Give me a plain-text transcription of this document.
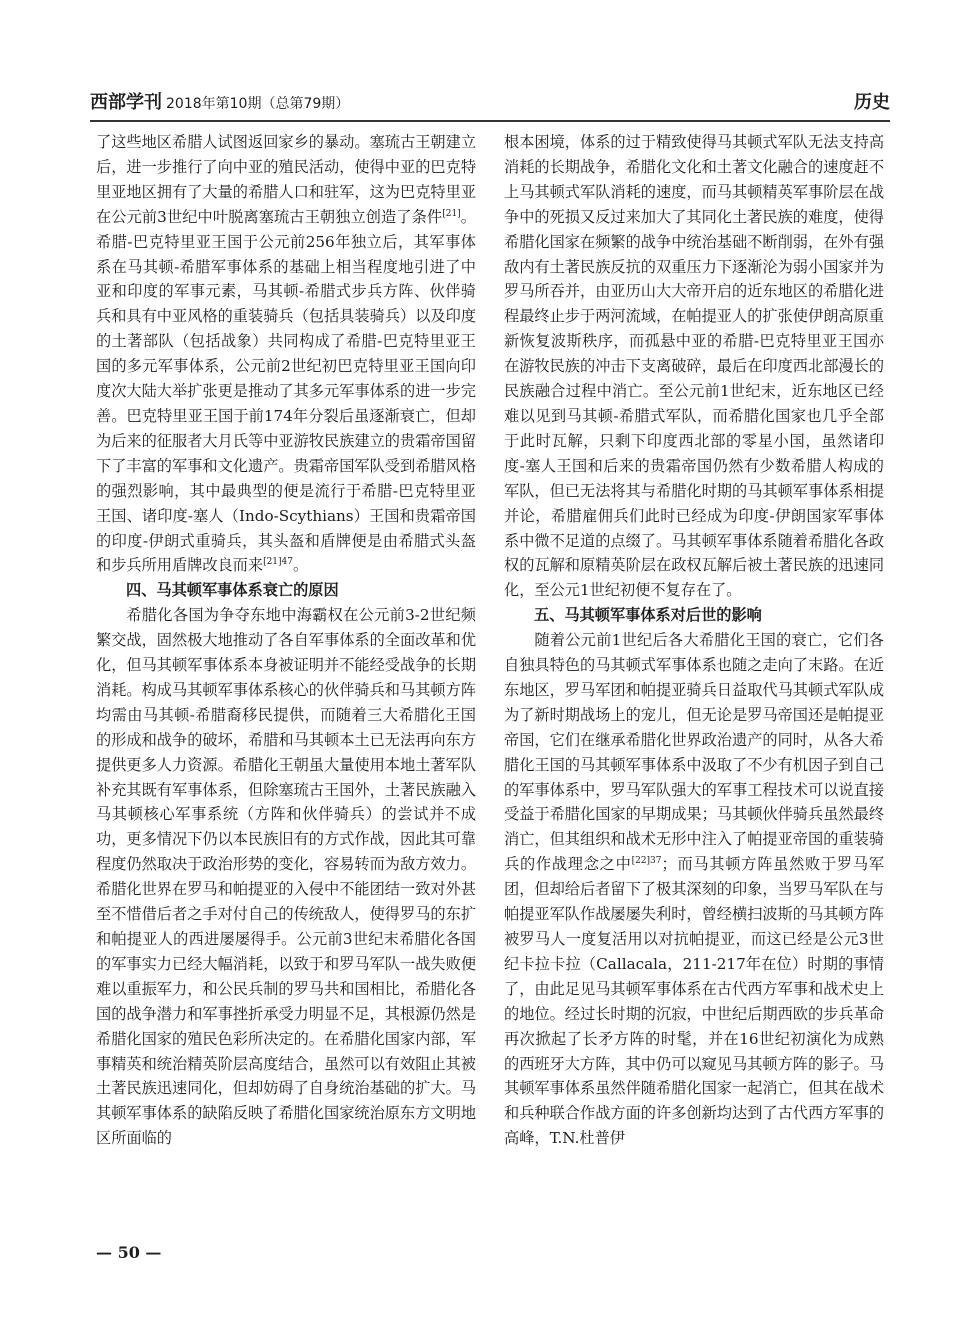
西部学刊 2018年第10期（总第79期）	历史

了这些地区希腊人试图返回家乡的暴动。塞琉古王朝建立后，进一步推行了向中亚的殖民活动，使得中亚的巴克特里亚地区拥有了大量的希腊人口和驻军，这为巴克特里亚在公元前3世纪中叶脱离塞琉古王朝独立创造了条件[21]。希腊-巴克特里亚王国于公元前256年独立后，其军事体系在马其顿-希腊军事体系的基础上相当程度地引进了中亚和印度的军事元素，马其顿-希腊式步兵方阵、伙伴骑兵和具有中亚风格的重装骑兵（包括具装骑兵）以及印度的土著部队（包括战象）共同构成了希腊-巴克特里亚王国的多元军事体系，公元前2世纪初巴克特里亚王国向印度次大陆大举扩张更是推动了其多元军事体系的进一步完善。巴克特里亚王国于前174年分裂后虽逐渐衰亡，但却为后来的征服者大月氏等中亚游牧民族建立的贵霜帝国留下了丰富的军事和文化遗产。贵霜帝国军队受到希腊风格的强烈影响，其中最典型的便是流行于希腊-巴克特里亚王国、诸印度-塞人（Indo-Scythians）王国和贵霜帝国的印度-伊朗式重骑兵，其头盔和盾牌便是由希腊式头盔和步兵所用盾牌改良而来$^{[21]47}$。

四、马其顿军事体系衰亡的原因

希腊化各国为争夺东地中海霸权在公元前3-2世纪频繁交战，固然极大地推动了各自军事体系的全面改革和优化，但马其顿军事体系本身被证明并不能经受战争的长期消耗。构成马其顿军事体系核心的伙伴骑兵和马其顿方阵均需由马其顿-希腊裔移民提供，而随着三大希腊化王国的形成和战争的破坏，希腊和马其顿本土已无法再向东方提供更多人力资源。希腊化王朝虽大量使用本地土著军队补充其既有军事体系，但除塞琉古王国外，土著民族融入马其顿核心军事系统（方阵和伙伴骑兵）的尝试并不成功，更多情况下仍以本民族旧有的方式作战，因此其可靠程度仍然取决于政治形势的变化，容易转而为敌方效力。希腊化世界在罗马和帕提亚的入侵中不能团结一致对外甚至不惜借后者之手对付自己的传统敌人，使得罗马的东扩和帕提亚人的西进屡屡得手。公元前3世纪末希腊化各国的军事实力已经大幅消耗，以致于和罗马军队一战失败便难以重振军力，和公民兵制的罗马共和国相比，希腊化各国的战争潜力和军事挫折承受力明显不足，其根源仍然是希腊化国家的殖民色彩所决定的。在希腊化国家内部，军事精英和统治精英阶层高度结合，虽然可以有效阻止其被土著民族迅速同化，但却妨碍了自身统治基础的扩大。马其顿军事体系的缺陷反映了希腊化国家统治原东方文明地区所面临的

根本困境，体系的过于精致使得马其顿式军队无法支持高消耗的长期战争，希腊化文化和土著文化融合的速度赶不上马其顿式军队消耗的速度，而马其顿精英军事阶层在战争中的死损又反过来加大了其同化土著民族的难度，使得希腊化国家在频繁的战争中统治基础不断削弱，在外有强敌内有土著民族反抗的双重压力下逐渐沦为弱小国家并为罗马所吞并，由亚历山大大帝开启的近东地区的希腊化进程最终止步于两河流域，在帕提亚人的扩张使伊朗高原重新恢复波斯秩序，而孤悬中亚的希腊-巴克特里亚王国亦在游牧民族的冲击下支离破碎，最后在印度西北部漫长的民族融合过程中消亡。至公元前1世纪末，近东地区已经难以见到马其顿-希腊式军队，而希腊化国家也几乎全部于此时瓦解，只剩下印度西北部的零星小国，虽然诸印度-塞人王国和后来的贵霜帝国仍然有少数希腊人构成的军队，但已无法将其与希腊化时期的马其顿军事体系相提并论，希腊雇佣兵们此时已经成为印度-伊朗国家军事体系中微不足道的点缀了。马其顿军事体系随着希腊化各政权的瓦解和原精英阶层在政权瓦解后被土著民族的迅速同化，至公元1世纪初便不复存在了。

五、马其顿军事体系对后世的影响

随着公元前1世纪后各大希腊化王国的衰亡，它们各自独具特色的马其顿式军事体系也随之走向了末路。在近东地区，罗马军团和帕提亚骑兵日益取代马其顿式军队成为了新时期战场上的宠儿，但无论是罗马帝国还是帕提亚帝国，它们在继承希腊化世界政治遗产的同时，从各大希腊化王国的马其顿军事体系中汲取了不少有机因子到自己的军事体系中，罗马军队强大的军事工程技术可以说直接受益于希腊化国家的早期成果；马其顿伙伴骑兵虽然最终消亡，但其组织和战术无形中注入了帕提亚帝国的重装骑兵的作战理念之中$^{[22]37}$；而马其顿方阵虽然败于罗马军团，但却给后者留下了极其深刻的印象，当罗马军队在与帕提亚军队作战屡屡失利时，曾经横扫波斯的马其顿方阵被罗马人一度复活用以对抗帕提亚，而这已经是公元3世纪卡拉卡拉（Callacala，211-217年在位）时期的事情了，由此足见马其顿军事体系在古代西方军事和战术史上的地位。经过长时期的沉寂，中世纪后期西欧的步兵革命再次掀起了长矛方阵的时髦，并在16世纪初演化为成熟的西班牙大方阵，其中仍可以窥见马其顿方阵的影子。马其顿军事体系虽然伴随希腊化国家一起消亡，但其在战术和兵种联合作战方面的许多创新均达到了古代西方军事的高峰，T.N.杜普伊

— 50 —
